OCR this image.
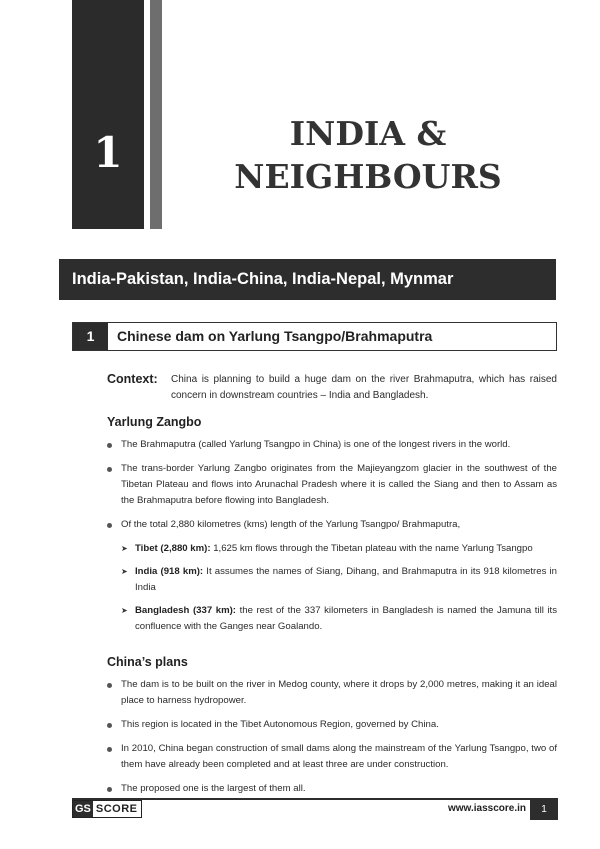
1	INDIA &
NEIGHBOURS
India-Pakistan, India-China, India-Nepal, Mynmar
1	Chinese dam on Yarlung Tsangpo/Brahmaputra
Context: China is planning to build a huge dam on the river Brahmaputra, which has raised concern in downstream countries – India and Bangladesh.
Yarlung Zangbo
The Brahmaputra (called Yarlung Tsangpo in China) is one of the longest rivers in the world.
The trans-border Yarlung Zangbo originates from the Majieyangzom glacier in the southwest of the Tibetan Plateau and flows into Arunachal Pradesh where it is called the Siang and then to Assam as the Brahmaputra before flowing into Bangladesh.
Of the total 2,880 kilometres (kms) length of the Yarlung Tsangpo/ Brahmaputra,
➤ Tibet (2,880 km): 1,625 km flows through the Tibetan plateau with the name Yarlung Tsangpo
➤ India (918 km): It assumes the names of Siang, Dihang, and Brahmaputra in its 918 kilometres in India
➤ Bangladesh (337 km): the rest of the 337 kilometers in Bangladesh is named the Jamuna till its confluence with the Ganges near Goalando.
China’s plans
The dam is to be built on the river in Medog county, where it drops by 2,000 metres, making it an ideal place to harness hydropower.
This region is located in the Tibet Autonomous Region, governed by China.
In 2010, China began construction of small dams along the mainstream of the Yarlung Tsangpo, two of them have already been completed and at least three are under construction.
The proposed one is the largest of them all.
GS SCORE	www.iasscore.in	1
